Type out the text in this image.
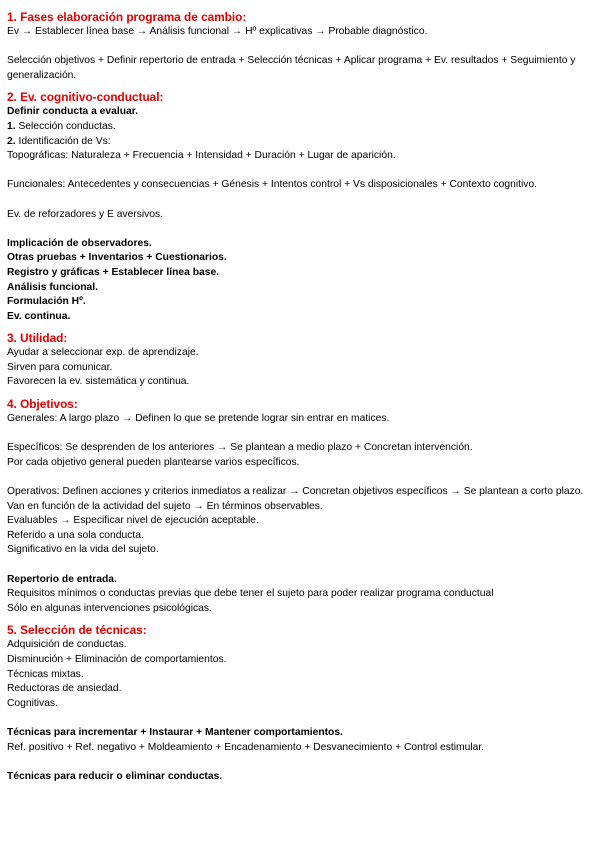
1. Fases elaboración programa de cambio:
Ev → Establecer línea base → Análisis funcional → Hº explicativas → Probable diagnóstico.
Selección objetivos + Definir repertorio de entrada + Selección técnicas + Aplicar programa + Ev. resultados + Seguimiento y generalización.
2. Ev. cognitivo-conductual:
Definir conducta a evaluar.
1. Selección conductas.
2. Identificación de Vs:
Topográficas: Naturaleza + Frecuencia + Intensidad + Duración + Lugar de aparición.
Funcionales: Antecedentes y consecuencias + Génesis + Intentos control + Vs disposicionales + Contexto cognitivo.
Ev. de reforzadores y E aversivos.
Implicación de observadores.
Otras pruebas + Inventarios + Cuestionarios.
Registro y gráficas + Establecer línea base.
Análisis funcional.
Formulación Hº.
Ev. continua.
3. Utilidad:
Ayudar a seleccionar exp. de aprendizaje.
Sirven para comunicar.
Favorecen la ev. sistemática y continua.
4. Objetivos:
Generales: A largo plazo → Definen lo que se pretende lograr sin entrar en matices.
Específicos: Se desprenden de los anteriores → Se plantean a medio plazo + Concretan intervención.
Por cada objetivo general pueden plantearse varios específicos.
Operativos: Definen acciones y criterios inmediatos a realizar → Concretan objetivos específicos → Se plantean a corto plazo.
Van en función de la actividad del sujeto → En términos observables.
Evaluables → Especificar nivel de ejecución aceptable.
Referido a una sola conducta.
Significativo en la vida del sujeto.
Repertorio de entrada.
Requisitos mínimos o conductas previas que debe tener el sujeto para poder realizar programa conductual
Sólo en algunas intervenciones psicológicas.
5. Selección de técnicas:
Adquisición de conductas.
Disminución + Eliminación de comportamientos.
Técnicas mixtas.
Reductoras de ansiedad.
Cognitivas.
Técnicas para incrementar + Instaurar + Mantener comportamientos.
Ref. positivo + Ref. negativo + Moldeamiento + Encadenamiento + Desvanecimiento + Control estimular.
Técnicas para reducir o eliminar conductas.
